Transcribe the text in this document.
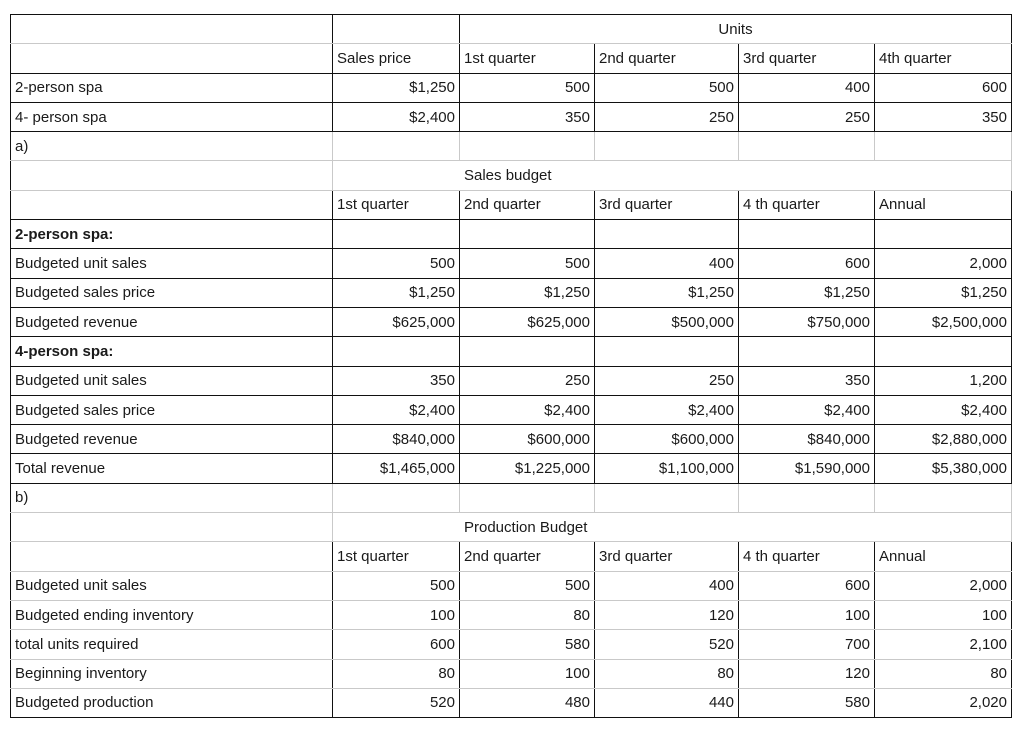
		Units			
	Sales price	1st quarter	2nd quarter	3rd quarter	4th quarter
2-person spa	$1,250	500	500	400	600
4- person spa	$2,400	350	250	250	350
a)					
		Sales budget			
	1st quarter	2nd quarter	3rd quarter	4 th quarter	Annual
2-person spa:					
Budgeted unit sales	500	500	400	600	2,000
Budgeted sales price	$1,250	$1,250	$1,250	$1,250	$1,250
Budgeted revenue	$625,000	$625,000	$500,000	$750,000	$2,500,000
4-person spa:					
Budgeted unit sales	350	250	250	350	1,200
Budgeted sales price	$2,400	$2,400	$2,400	$2,400	$2,400
Budgeted revenue	$840,000	$600,000	$600,000	$840,000	$2,880,000
Total revenue	$1,465,000	$1,225,000	$1,100,000	$1,590,000	$5,380,000
b)					
		Production Budget			
	1st quarter	2nd quarter	3rd quarter	4 th quarter	Annual
Budgeted unit sales	500	500	400	600	2,000
Budgeted ending inventory	100	80	120	100	100
total units required	600	580	520	700	2,100
Beginning inventory	80	100	80	120	80
Budgeted production	520	480	440	580	2,020
